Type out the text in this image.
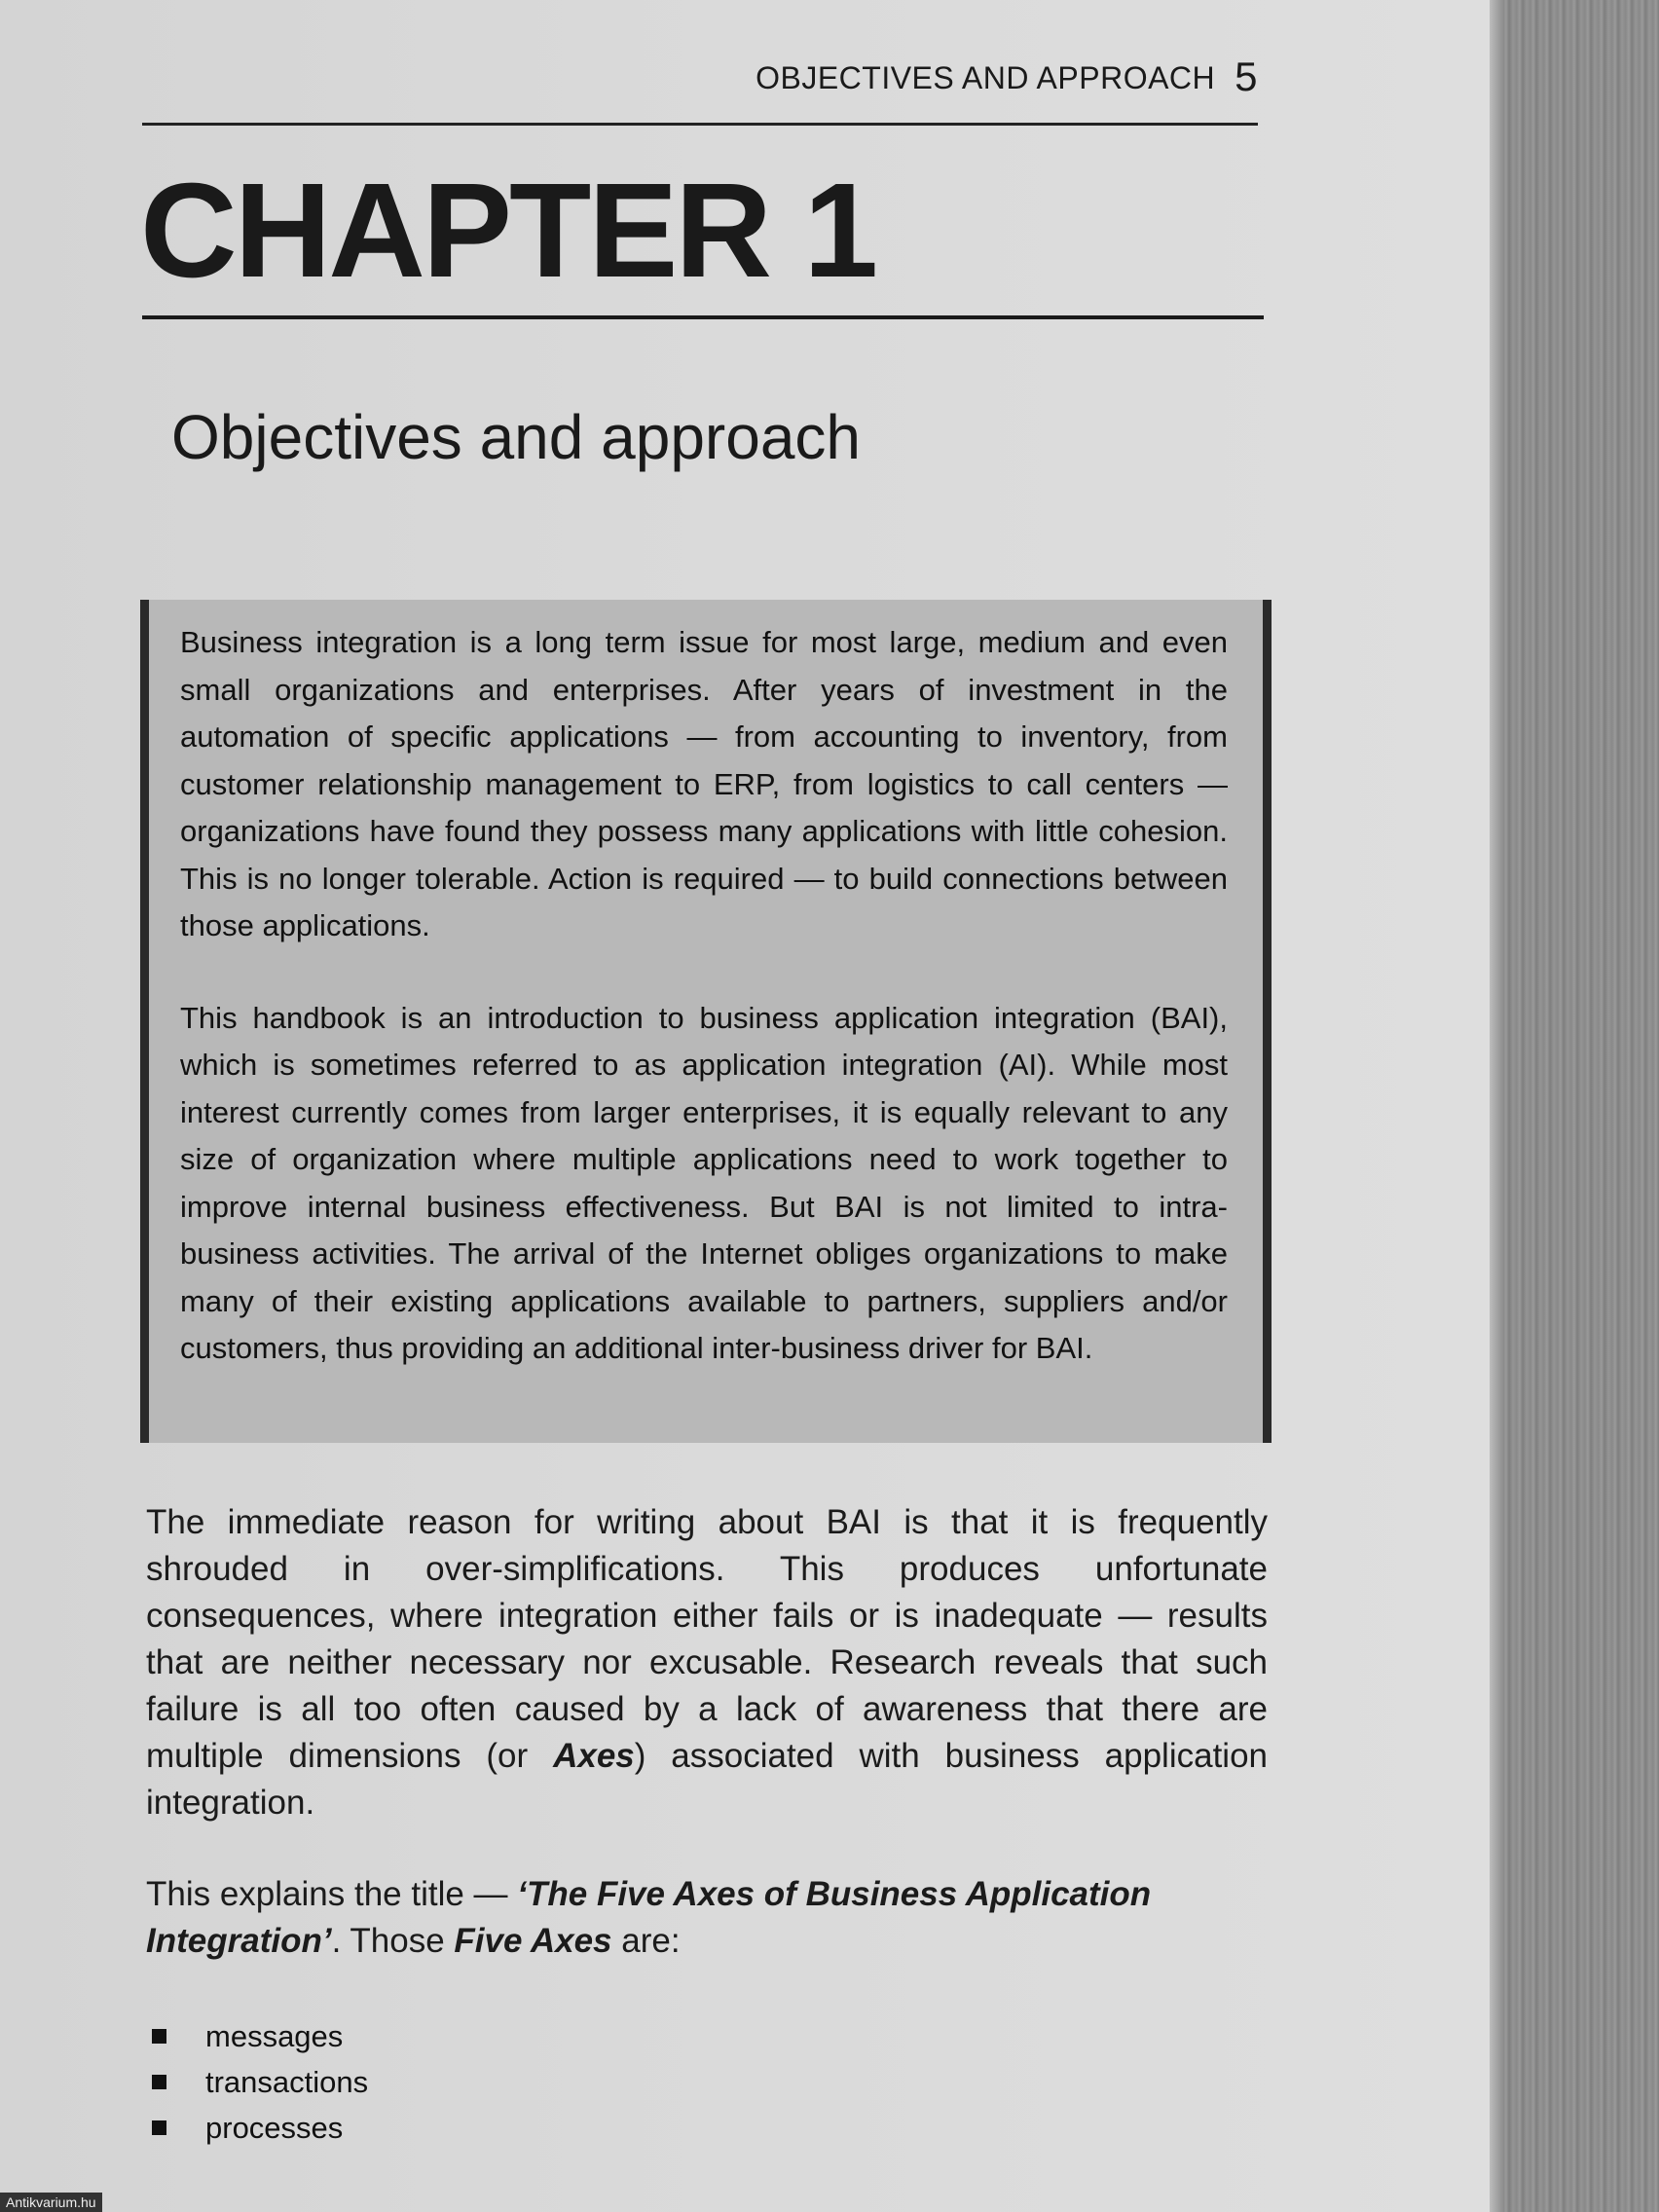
OBJECTIVES AND APPROACH 5
CHAPTER 1
Objectives and approach

Business integration is a long term issue for most large, medium and even small organizations and enterprises. After years of investment in the automation of specific applications — from accounting to inventory, from customer relationship management to ERP, from logistics to call centers — organizations have found they possess many applications with little cohesion. This is no longer tolerable. Action is required — to build connections between those applications.

This handbook is an introduction to business application integration (BAI), which is sometimes referred to as application integration (AI). While most interest currently comes from larger enterprises, it is equally relevant to any size of organization where multiple applications need to work together to improve internal business effectiveness. But BAI is not limited to intra-business activities. The arrival of the Internet obliges organizations to make many of their existing applications available to partners, suppliers and/or customers, thus providing an additional inter-business driver for BAI.

The immediate reason for writing about BAI is that it is frequently shrouded in over-simplifications. This produces unfortunate consequences, where integration either fails or is inadequate — results that are neither necessary nor excusable. Research reveals that such failure is all too often caused by a lack of awareness that there are multiple dimensions (or Axes) associated with business application integration.

This explains the title — ‘The Five Axes of Business Application Integration’. Those Five Axes are:

messages
transactions
processes
Antikvarium.hu
